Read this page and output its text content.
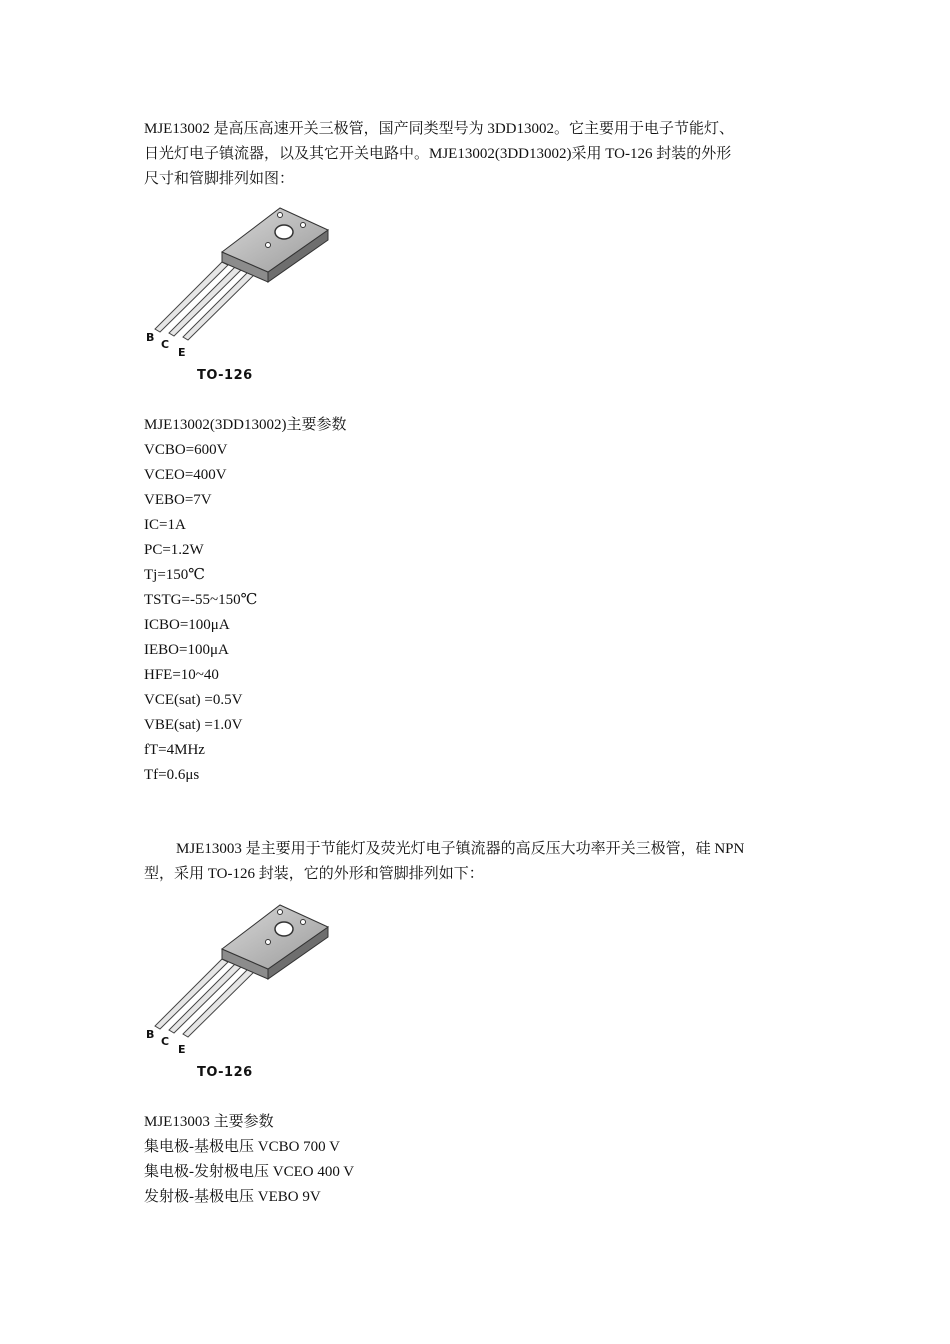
MJE13002 是高压高速开关三极管，国产同类型号为 3DD13002。它主要用于电子节能灯、
日光灯电子镇流器，以及其它开关电路中。MJE13002(3DD13002)采用 TO-126 封装的外形
尺寸和管脚排列如图：

B
C
E
TO-126
MJE13002(3DD13002)主要参数
VCBO=600V
VCEO=400V
VEBO=7V
IC=1A
PC=1.2W
Tj=150℃
TSTG=-55~150℃
ICBO=100μA
IEBO=100μA
HFE=10~40
VCE(sat) =0.5V
VBE(sat) =1.0V
fT=4MHz
Tf=0.6μs

MJE13003 是主要用于节能灯及荧光灯电子镇流器的高反压大功率开关三极管，硅 NPN
型，采用 TO-126 封装，它的外形和管脚排列如下：

B
C
E
TO-126
MJE13003 主要参数
集电极-基极电压 VCBO 700 V
集电极-发射极电压 VCEO 400 V
发射极-基极电压 VEBO 9V
